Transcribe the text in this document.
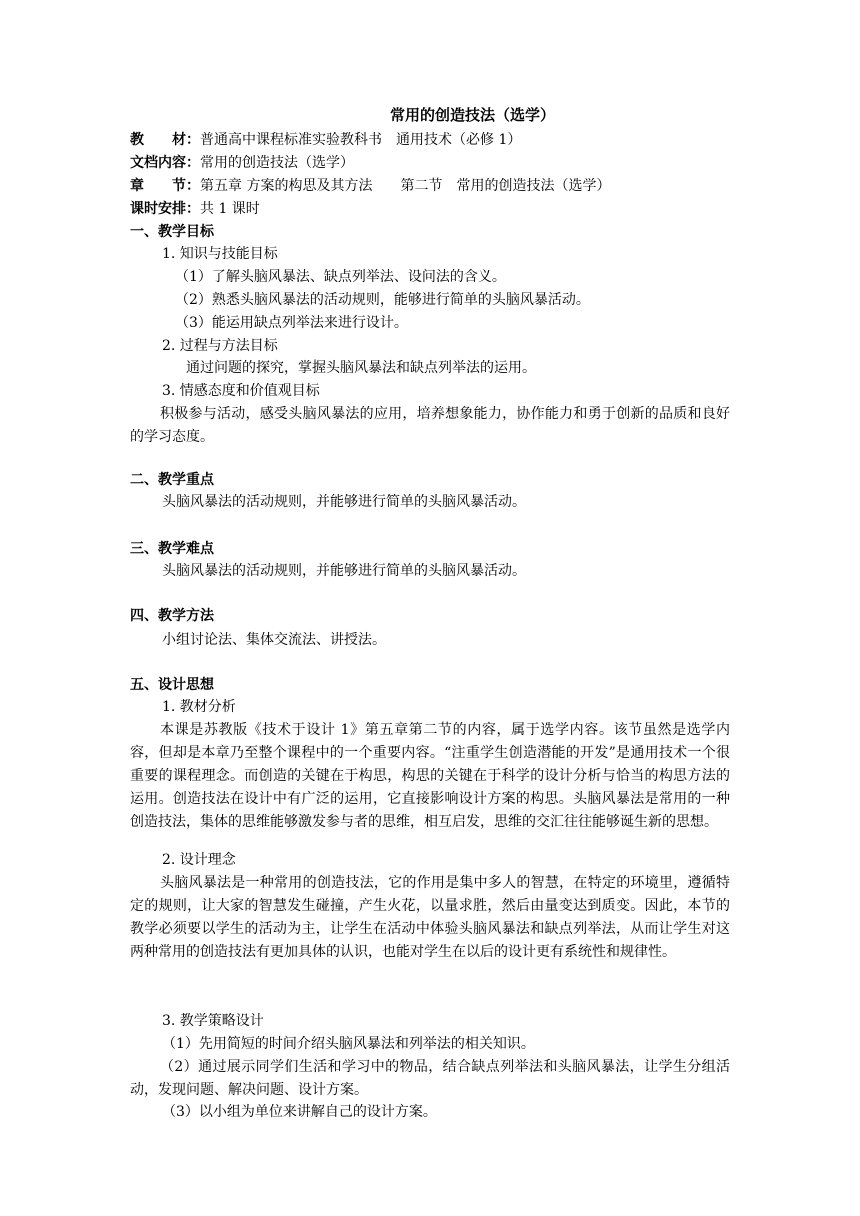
常用的创造技法（选学）
教　　材：普通高中课程标准实验教科书　通用技术（必修 1）
文档内容：常用的创造技法（选学）
章　　节：第五章 方案的构思及其方法　　第二节　常用的创造技法（选学）
课时安排：共 1 课时
一、教学目标
1. 知识与技能目标
（1）了解头脑风暴法、缺点列举法、设问法的含义。
（2）熟悉头脑风暴法的活动规则，能够进行简单的头脑风暴活动。
（3）能运用缺点列举法来进行设计。
2. 过程与方法目标
通过问题的探究，掌握头脑风暴法和缺点列举法的运用。
3. 情感态度和价值观目标
积极参与活动，感受头脑风暴法的应用，培养想象能力，协作能力和勇于创新的品质和良好的学习态度。
二、教学重点
头脑风暴法的活动规则，并能够进行简单的头脑风暴活动。
三、教学难点
头脑风暴法的活动规则，并能够进行简单的头脑风暴活动。
四、教学方法
小组讨论法、集体交流法、讲授法。
五、设计思想
1. 教材分析
本课是苏教版《技术于设计 1》第五章第二节的内容，属于选学内容。该节虽然是选学内容，但却是本章乃至整个课程中的一个重要内容。“注重学生创造潜能的开发”是通用技术一个很重要的课程理念。而创造的关键在于构思，构思的关键在于科学的设计分析与恰当的构思方法的运用。创造技法在设计中有广泛的运用，它直接影响设计方案的构思。头脑风暴法是常用的一种创造技法，集体的思维能够激发参与者的思维，相互启发，思维的交汇往往能够诞生新的思想。
2. 设计理念
头脑风暴法是一种常用的创造技法，它的作用是集中多人的智慧，在特定的环境里，遵循特定的规则，让大家的智慧发生碰撞，产生火花，以量求胜，然后由量变达到质变。因此，本节的教学必须要以学生的活动为主，让学生在活动中体验头脑风暴法和缺点列举法，从而让学生对这两种常用的创造技法有更加具体的认识，也能对学生在以后的设计更有系统性和规律性。
3. 教学策略设计
（1）先用简短的时间介绍头脑风暴法和列举法的相关知识。
（2）通过展示同学们生活和学习中的物品，结合缺点列举法和头脑风暴法，让学生分组活动，发现问题、解决问题、设计方案。
（3）以小组为单位来讲解自己的设计方案。
